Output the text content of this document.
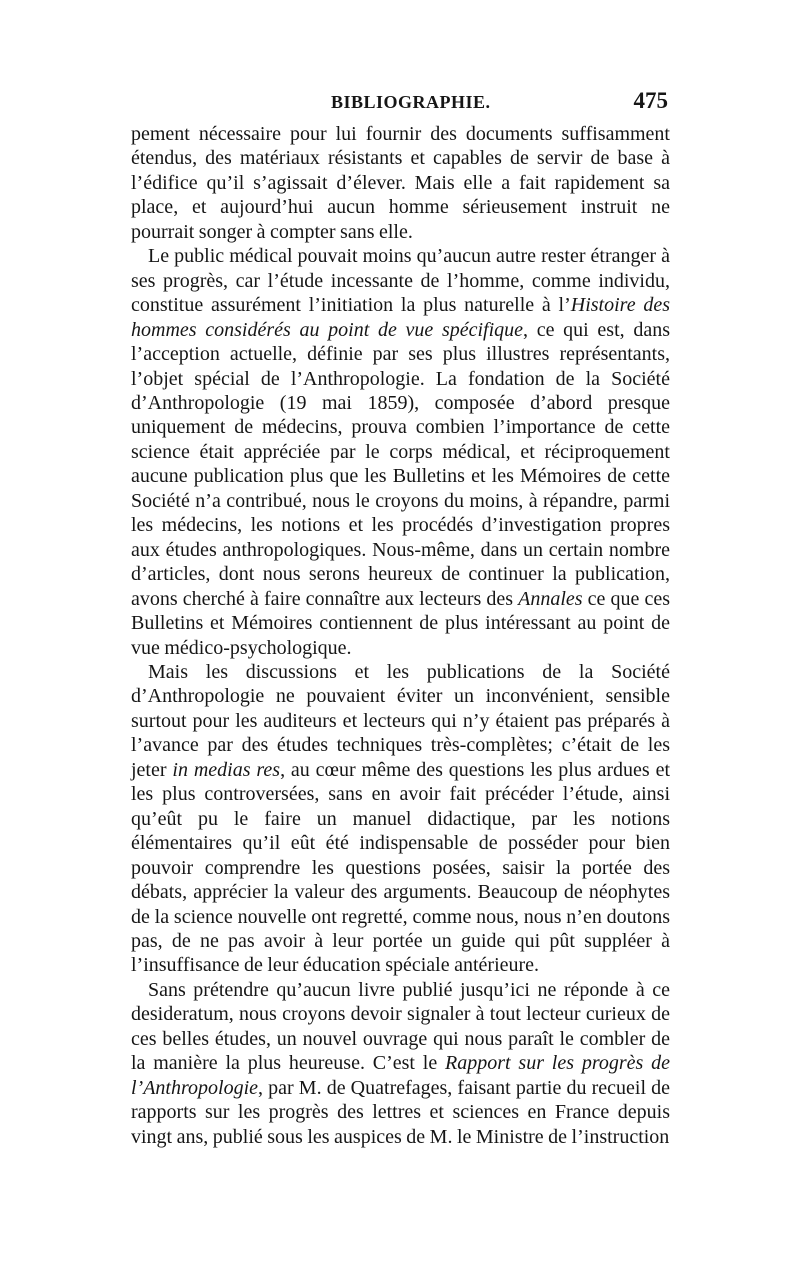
BIBLIOGRAPHIE.	475

pement nécessaire pour lui fournir des documents suffisamment étendus, des matériaux résistants et capables de servir de base à l’édifice qu’il s’agissait d’élever. Mais elle a fait rapidement sa place, et aujourd’hui aucun homme sérieusement instruit ne pourrait songer à compter sans elle.

Le public médical pouvait moins qu’aucun autre rester étranger à ses progrès, car l’étude incessante de l’homme, comme individu, constitue assurément l’initiation la plus naturelle à l’Histoire des hommes considérés au point de vue spécifique, ce qui est, dans l’acception actuelle, définie par ses plus illustres représentants, l’objet spécial de l’Anthropologie. La fondation de la Société d’Anthropologie (19 mai 1859), composée d’abord presque uniquement de médecins, prouva combien l’importance de cette science était appréciée par le corps médical, et réciproquement aucune publication plus que les Bulletins et les Mémoires de cette Société n’a contribué, nous le croyons du moins, à répandre, parmi les médecins, les notions et les procédés d’investigation propres aux études anthropologiques. Nous-même, dans un certain nombre d’articles, dont nous serons heureux de continuer la publication, avons cherché à faire connaître aux lecteurs des Annales ce que ces Bulletins et Mémoires contiennent de plus intéressant au point de vue médico-psychologique.

Mais les discussions et les publications de la Société d’Anthropologie ne pouvaient éviter un inconvénient, sensible surtout pour les auditeurs et lecteurs qui n’y étaient pas préparés à l’avance par des études techniques très-complètes; c’était de les jeter in medias res, au cœur même des questions les plus ardues et les plus controversées, sans en avoir fait précéder l’étude, ainsi qu’eût pu le faire un manuel didactique, par les notions élémentaires qu’il eût été indispensable de posséder pour bien pouvoir comprendre les questions posées, saisir la portée des débats, apprécier la valeur des arguments. Beaucoup de néophytes de la science nouvelle ont regretté, comme nous, nous n’en doutons pas, de ne pas avoir à leur portée un guide qui pût suppléer à l’insuffisance de leur éducation spéciale antérieure.

Sans prétendre qu’aucun livre publié jusqu’ici ne réponde à ce desideratum, nous croyons devoir signaler à tout lecteur curieux de ces belles études, un nouvel ouvrage qui nous paraît le combler de la manière la plus heureuse. C’est le Rapport sur les progrès de l’Anthropologie, par M. de Quatrefages, faisant partie du recueil de rapports sur les progrès des lettres et sciences en France depuis vingt ans, publié sous les auspices de M. le Ministre de l’instruction
